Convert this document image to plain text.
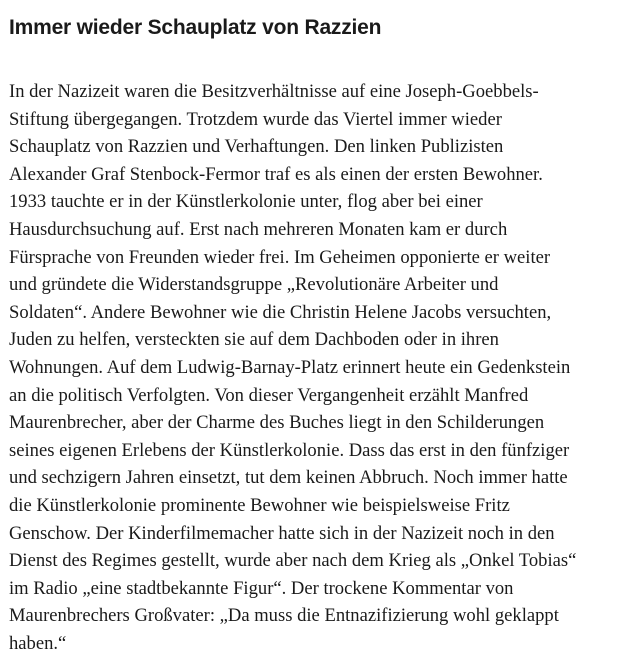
Immer wieder Schauplatz von Razzien

In der Nazizeit waren die Besitzverhältnisse auf eine Joseph-Goebbels-
Stiftung übergegangen. Trotzdem wurde das Viertel immer wieder
Schauplatz von Razzien und Verhaftungen. Den linken Publizisten
Alexander Graf Stenbock-Fermor traf es als einen der ersten Bewohner.
1933 tauchte er in der Künstlerkolonie unter, flog aber bei einer
Hausdurchsuchung auf. Erst nach mehreren Monaten kam er durch
Fürsprache von Freunden wieder frei. Im Geheimen opponierte er weiter
und gründete die Widerstandsgruppe „Revolutionäre Arbeiter und
Soldaten“. Andere Bewohner wie die Christin Helene Jacobs versuchten,
Juden zu helfen, versteckten sie auf dem Dachboden oder in ihren
Wohnungen. Auf dem Ludwig-Barnay-Platz erinnert heute ein Gedenkstein
an die politisch Verfolgten. Von dieser Vergangenheit erzählt Manfred
Maurenbrecher, aber der Charme des Buches liegt in den Schilderungen
seines eigenen Erlebens der Künstlerkolonie. Dass das erst in den fünfziger
und sechzigern Jahren einsetzt, tut dem keinen Abbruch. Noch immer hatte
die Künstlerkolonie prominente Bewohner wie beispielsweise Fritz
Genschow. Der Kinderfilmemacher hatte sich in der Nazizeit noch in den
Dienst des Regimes gestellt, wurde aber nach dem Krieg als „Onkel Tobias“
im Radio „eine stadtbekannte Figur“. Der trockene Kommentar von
Maurenbrechers Großvater: „Da muss die Entnazifizierung wohl geklappt
haben.“
